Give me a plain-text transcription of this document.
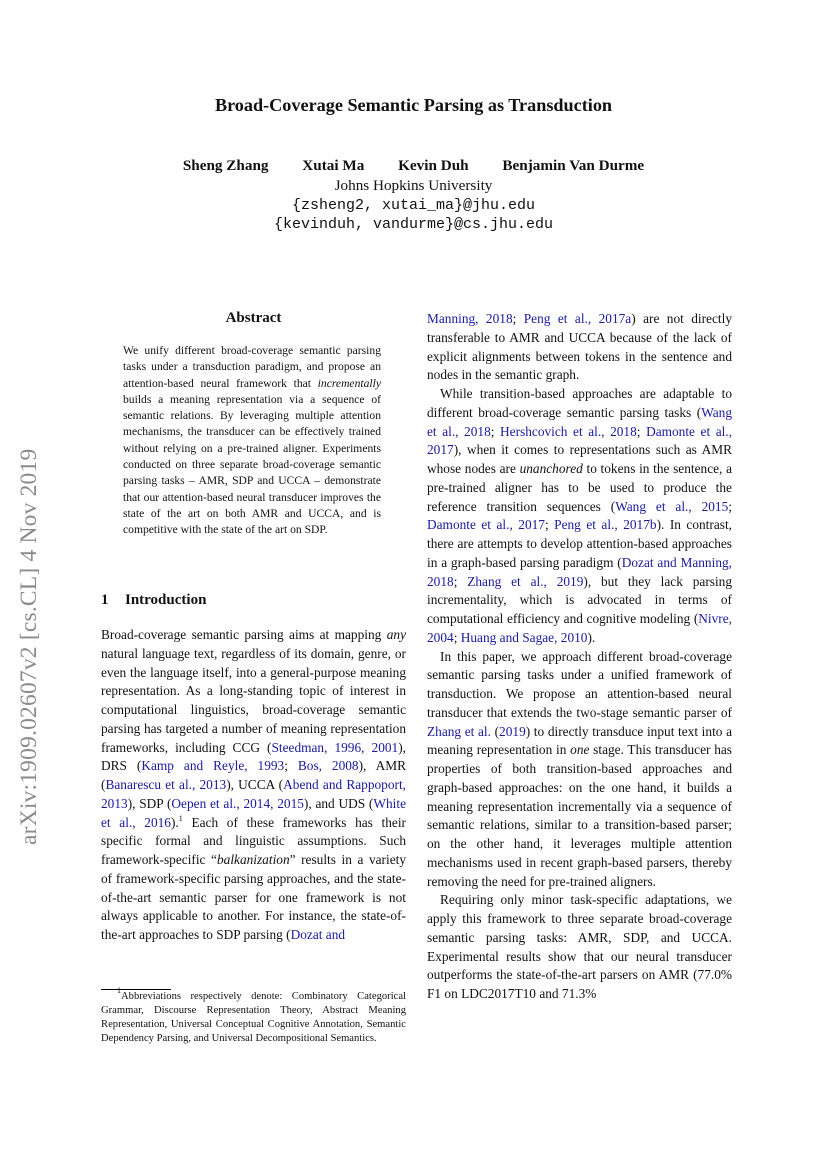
arXiv:1909.02607v2 [cs.CL] 4 Nov 2019
Broad-Coverage Semantic Parsing as Transduction
Sheng Zhang Xutai Ma Kevin Duh Benjamin Van Durme
Johns Hopkins University
{zsheng2, xutai_ma}@jhu.edu
{kevinduh, vandurme}@cs.jhu.edu
Abstract
We unify different broad-coverage semantic parsing tasks under a transduction paradigm, and propose an attention-based neural framework that incrementally builds a meaning representation via a sequence of semantic relations. By leveraging multiple attention mechanisms, the transducer can be effectively trained without relying on a pre-trained aligner. Experiments conducted on three separate broad-coverage semantic parsing tasks – AMR, SDP and UCCA – demonstrate that our attention-based neural transducer improves the state of the art on both AMR and UCCA, and is competitive with the state of the art on SDP.
1 Introduction

Broad-coverage semantic parsing aims at mapping any natural language text, regardless of its domain, genre, or even the language itself, into a general-purpose meaning representation. As a long-standing topic of interest in computational linguistics, broad-coverage semantic parsing has targeted a number of meaning representation frameworks, including CCG (Steedman, 1996, 2001), DRS (Kamp and Reyle, 1993; Bos, 2008), AMR (Banarescu et al., 2013), UCCA (Abend and Rappoport, 2013), SDP (Oepen et al., 2014, 2015), and UDS (White et al., 2016).$^1$ Each of these frameworks has their specific formal and linguistic assumptions. Such framework-specific “balkanization” results in a variety of framework-specific parsing approaches, and the state-of-the-art semantic parser for one framework is not always applicable to another. For instance, the state-of-the-art approaches to SDP parsing (Dozat and

$^1$Abbreviations respectively denote: Combinatory Categorical Grammar, Discourse Representation Theory, Abstract Meaning Representation, Universal Conceptual Cognitive Annotation, Semantic Dependency Parsing, and Universal Decompositional Semantics.

Manning, 2018; Peng et al., 2017a) are not directly transferable to AMR and UCCA because of the lack of explicit alignments between tokens in the sentence and nodes in the semantic graph.

While transition-based approaches are adaptable to different broad-coverage semantic parsing tasks (Wang et al., 2018; Hershcovich et al., 2018; Damonte et al., 2017), when it comes to representations such as AMR whose nodes are unanchored to tokens in the sentence, a pre-trained aligner has to be used to produce the reference transition sequences (Wang et al., 2015; Damonte et al., 2017; Peng et al., 2017b). In contrast, there are attempts to develop attention-based approaches in a graph-based parsing paradigm (Dozat and Manning, 2018; Zhang et al., 2019), but they lack parsing incrementality, which is advocated in terms of computational efficiency and cognitive modeling (Nivre, 2004; Huang and Sagae, 2010).

In this paper, we approach different broad-coverage semantic parsing tasks under a unified framework of transduction. We propose an attention-based neural transducer that extends the two-stage semantic parser of Zhang et al. (2019) to directly transduce input text into a meaning representation in one stage. This transducer has properties of both transition-based approaches and graph-based approaches: on the one hand, it builds a meaning representation incrementally via a sequence of semantic relations, similar to a transition-based parser; on the other hand, it leverages multiple attention mechanisms used in recent graph-based parsers, thereby removing the need for pre-trained aligners.

Requiring only minor task-specific adaptations, we apply this framework to three separate broad-coverage semantic parsing tasks: AMR, SDP, and UCCA. Experimental results show that our neural transducer outperforms the state-of-the-art parsers on AMR (77.0% F1 on LDC2017T10 and 71.3%
